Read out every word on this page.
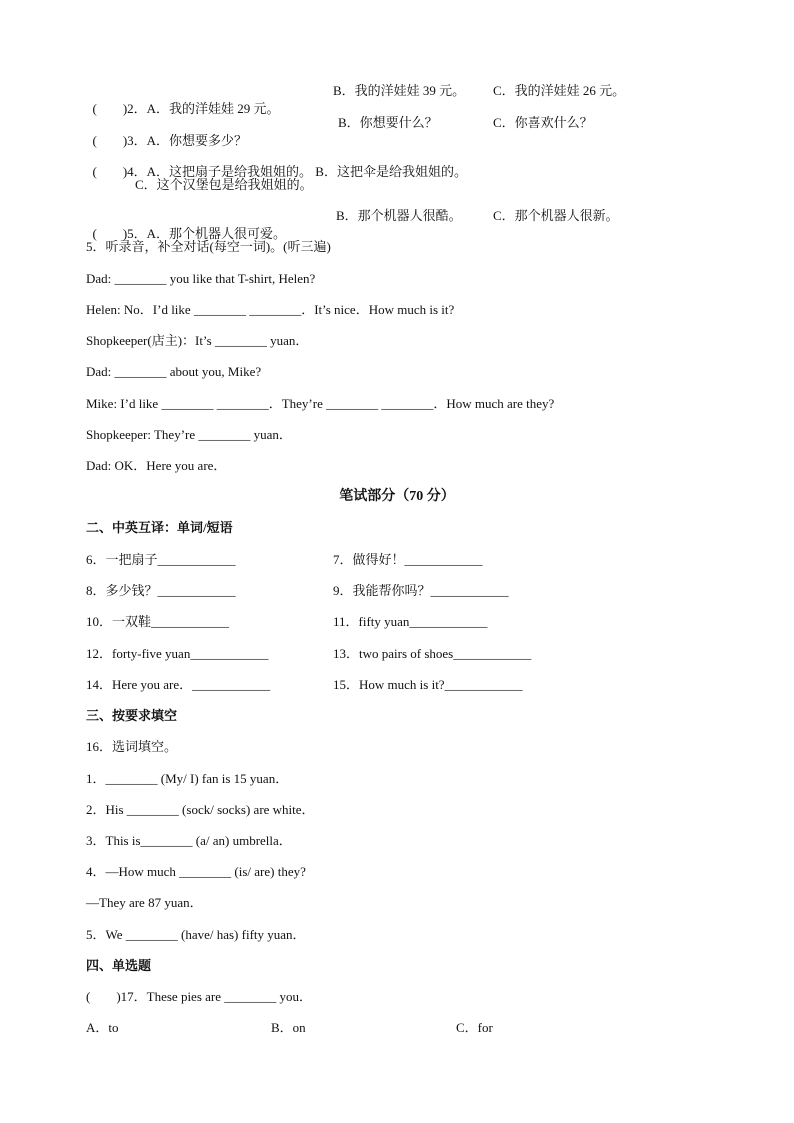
(        )2．A．我的洋娃娃 29 元。

B．我的洋娃娃 39 元。 C．我的洋娃娃 26 元。

(        )3．A．你想要多少？

B．你想要什么？	C．你喜欢什么？

(        )4．A．这把扇子是给我姐姐的。 B．这把伞是给我姐姐的。

C．这个汉堡包是给我姐姐的。

(        )5．A．那个机器人很可爱。

B．那个机器人很酷。 C．那个机器人很新。
5．听录音，补全对话(每空一词)。(听三遍)
Dad: ________ you like that T-shirt, Helen?
Helen: No．I’d like ________ ________．It’s nice．How much is it?
Shopkeeper(店主)：It’s ________ yuan．
Dad: ________ about you, Mike?
Mike: I’d like ________ ________．They’re ________ ________．How much are they?
Shopkeeper: They’re ________ yuan．
Dad: OK．Here you are．
笔试部分（70 分）
二、中英互译：单词/短语
6．一把扇子____________	7．做得好！____________
8．多少钱？____________	9．我能帮你吗？____________
10．一双鞋____________	11．fifty yuan____________
12．forty-five yuan____________	13．two pairs of shoes____________
14．Here you are．____________	15．How much is it?____________
三、按要求填空
16．选词填空。
1．________ (My/ I) fan is 15 yuan．
2．His ________ (sock/ socks) are white．
3．This is________ (a/ an) umbrella．
4．—How much ________ (is/ are) they?
—They are 87 yuan．
5．We ________ (have/ has) fifty yuan．
四、单选题
(        )17．These pies are ________ you．
A．to	B．on	C．for
